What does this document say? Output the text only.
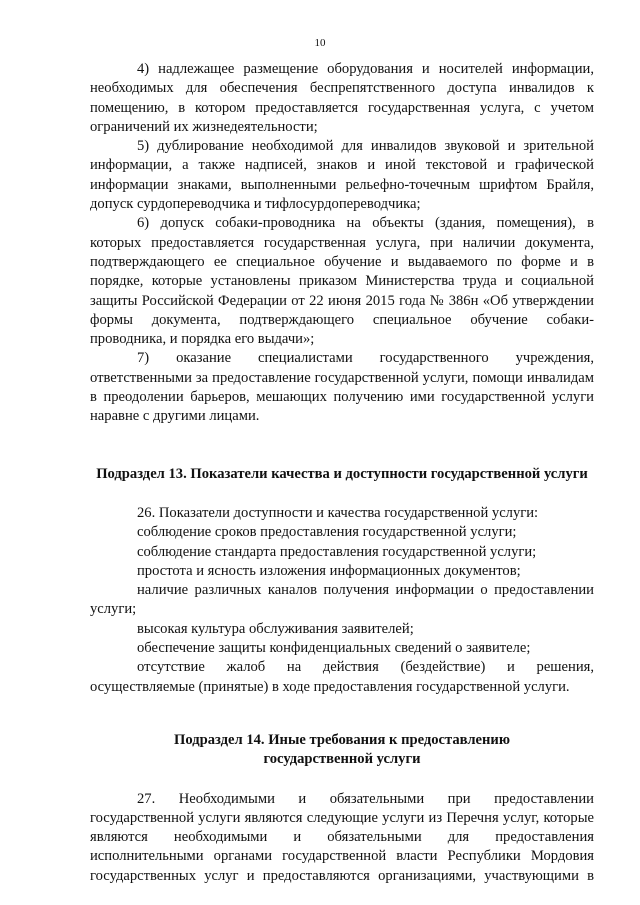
10

4) надлежащее размещение оборудования и носителей информации, необходимых для обеспечения беспрепятственного доступа инвалидов к помещению, в котором предоставляется государственная услуга, с учетом ограничений их жизнедеятельности;

5) дублирование необходимой для инвалидов звуковой и зрительной информации, а также надписей, знаков и иной текстовой и графической информации знаками, выполненными рельефно-точечным шрифтом Брайля, допуск сурдопереводчика и тифлосурдопереводчика;

6) допуск собаки-проводника на объекты (здания, помещения), в которых предоставляется государственная услуга, при наличии документа, подтверждающего ее специальное обучение и выдаваемого по форме и в порядке, которые установлены приказом Министерства труда и социальной защиты Российской Федерации от 22 июня 2015 года № 386н «Об утверждении формы документа, подтверждающего специальное обучение собаки-проводника, и порядка его выдачи»;

7) оказание специалистами государственного учреждения, ответственными за предоставление государственной услуги, помощи инвалидам в преодолении барьеров, мешающих получению ими государственной услуги наравне с другими лицами.

Подраздел 13. Показатели качества и доступности государственной услуги

26. Показатели доступности и качества государственной услуги:

соблюдение сроков предоставления государственной услуги;

соблюдение стандарта предоставления государственной услуги;

простота и ясность изложения информационных документов;

наличие различных каналов получения информации о предоставлении услуги;

высокая культура обслуживания заявителей;

обеспечение защиты конфиденциальных сведений о заявителе;

отсутствие жалоб на действия (бездействие) и решения, осуществляемые (принятые) в ходе предоставления государственной услуги.

Подраздел 14. Иные требования к предоставлению государственной услуги

27. Необходимыми и обязательными при предоставлении государственной услуги являются следующие услуги из Перечня услуг, которые являются необходимыми и обязательными для предоставления исполнительными органами государственной власти Республики Мордовия государственных услуг и предоставляются организациями, участвующими в
